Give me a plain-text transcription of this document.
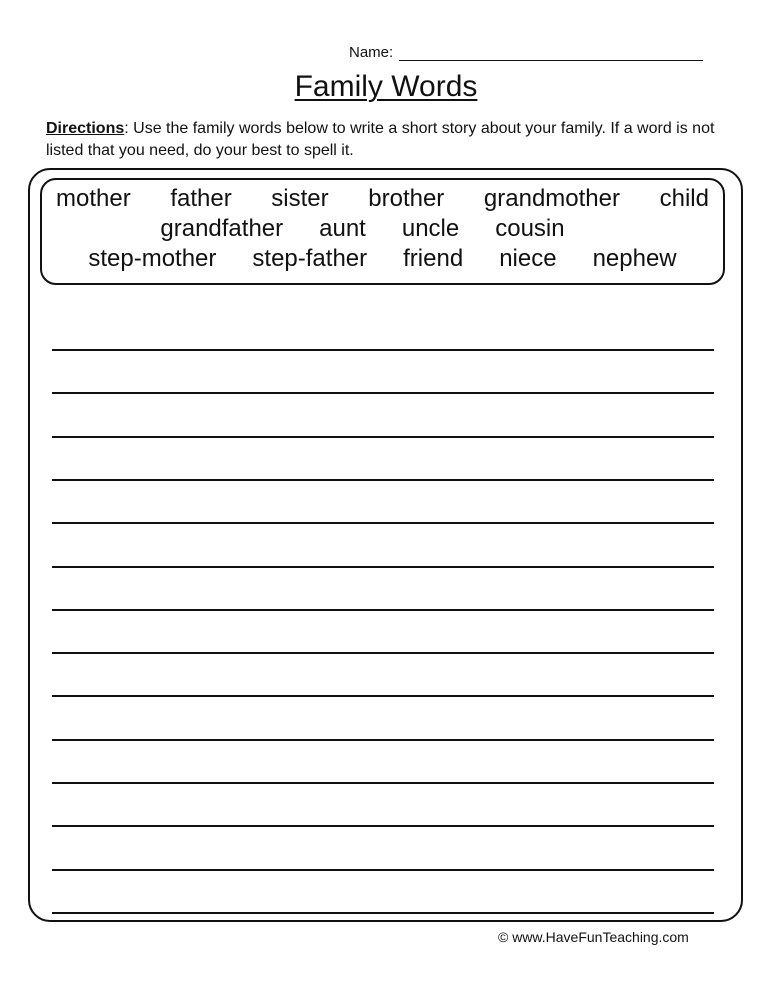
Name:
Family Words
Directions: Use the family words below to write a short story about your family. If a word is not listed that you need, do your best to spell it.
mother father sister brother grandmother child
grandfather aunt uncle cousin
step-mother step-father friend niece nephew
© www.HaveFunTeaching.com
